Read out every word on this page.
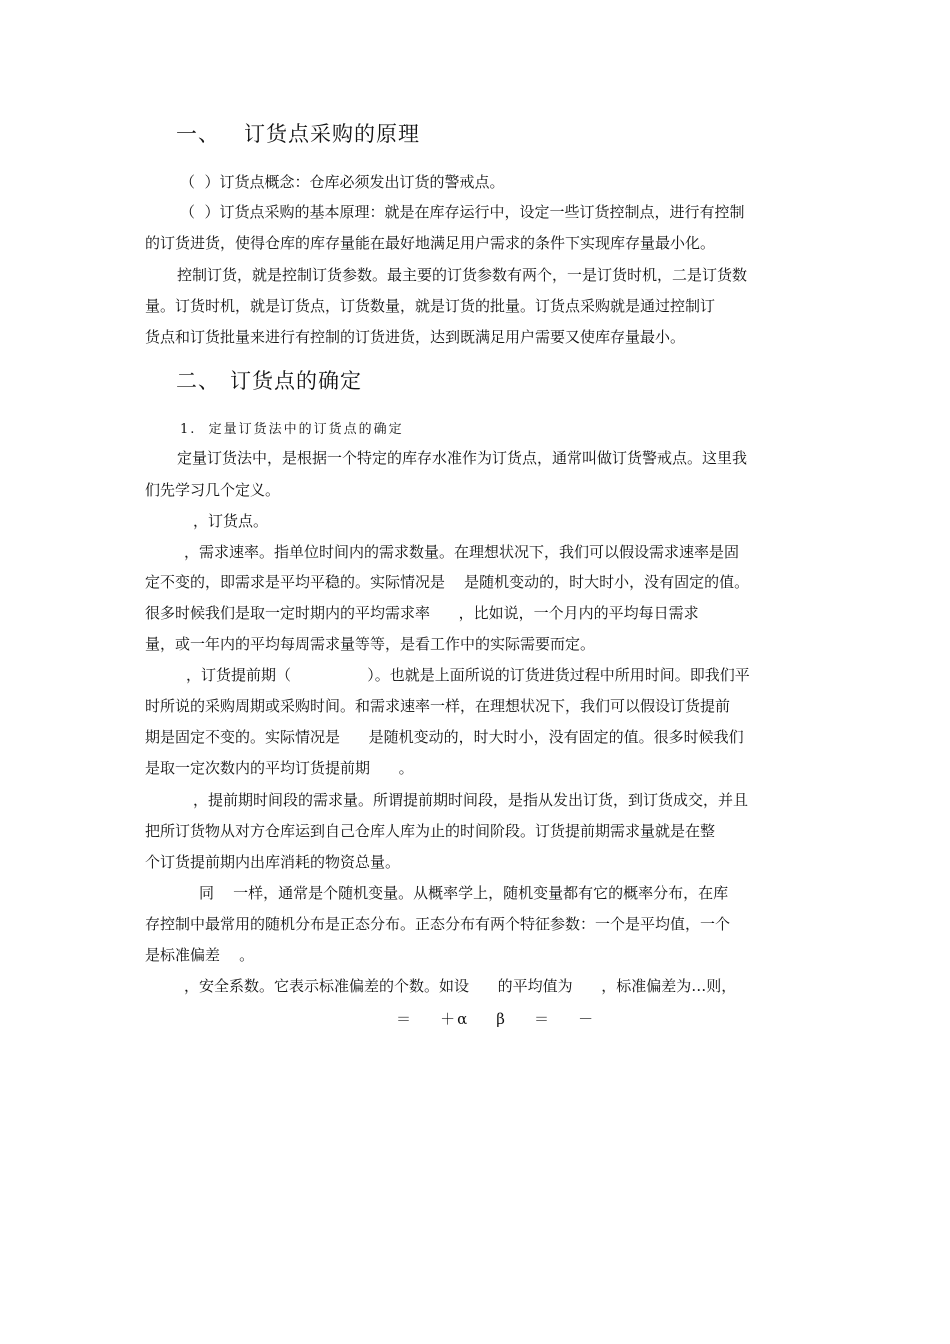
一、 订货点采购的原理
（  ）订货点概念：仓库必须发出订货的警戒点。
（  ）订货点采购的基本原理：就是在库存运行中，设定一些订货控制点，进行有控制
的订货进货，使得仓库的库存量能在最好地满足用户需求的条件下实现库存量最小化。
控制订货，就是控制订货参数。最主要的订货参数有两个，一是订货时机，二是订货数
量。订货时机，就是订货点，订货数量，就是订货的批量。订货点采购就是通过控制订
货点和订货批量来进行有控制的订货进货，达到既满足用户需要又使库存量最小。
二、 订货点的确定
1.  定量订货法中的订货点的确定
定量订货法中，是根据一个特定的库存水准作为订货点，通常叫做订货警戒点。这里我
们先学习几个定义。
，订货点。
，需求速率。指单位时间内的需求数量。在理想状况下，我们可以假设需求速率是固
定不变的，即需求是平均平稳的。实际情况是    是随机变动的，时大时小，没有固定的值。
很多时候我们是取一定时期内的平均需求率      ，比如说，一个月内的平均每日需求
量，或一年内的平均每周需求量等等，是看工作中的实际需要而定。
，订货提前期（                ）。也就是上面所说的订货进货过程中所用时间。即我们平
时所说的采购周期或采购时间。和需求速率一样，在理想状况下，我们可以假设订货提前
期是固定不变的。实际情况是      是随机变动的，时大时小，没有固定的值。很多时候我们
是取一定次数内的平均订货提前期      。
，提前期时间段的需求量。所谓提前期时间段，是指从发出订货，到订货成交，并且
把所订货物从对方仓库运到自己仓库人库为止的时间阶段。订货提前期需求量就是在整
个订货提前期内出库消耗的物资总量。
同    一样，通常是个随机变量。从概率学上，随机变量都有它的概率分布，在库
存控制中最常用的随机分布是正态分布。正态分布有两个特征参数：一个是平均值，一个
是标准偏差    。
，安全系数。它表示标准偏差的个数。如设      的平均值为      ，标准偏差为…则，
＝    ＋α    β    ＝    －
